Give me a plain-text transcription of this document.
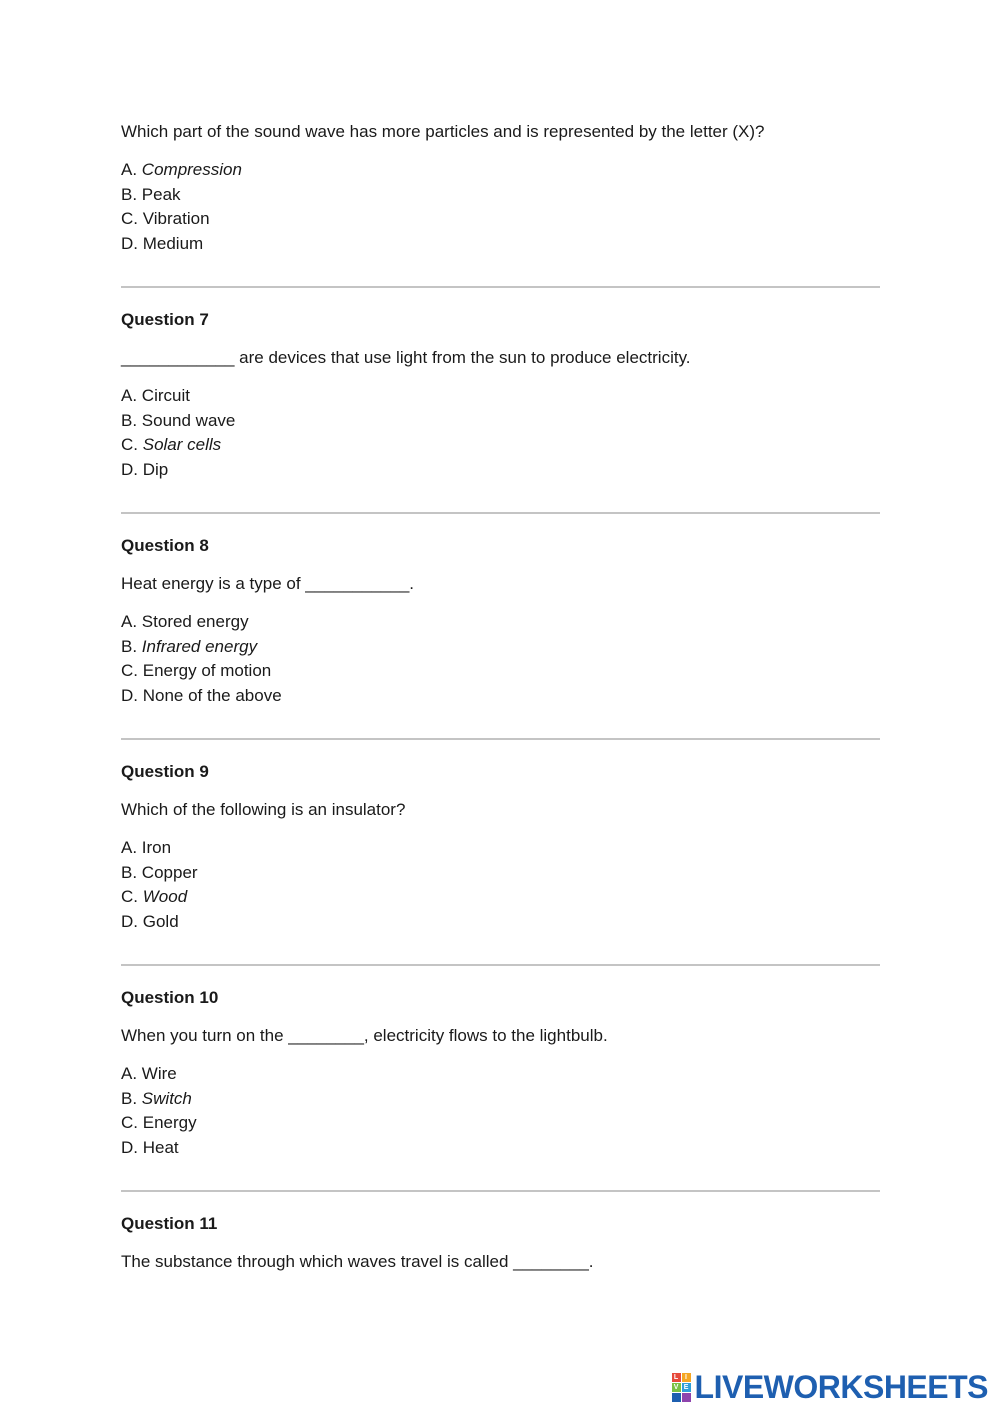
Which part of the sound wave has more particles and is represented by the letter (X)?

A. Compression
B. Peak
C. Vibration
D. Medium

Question 7

____________ are devices that use light from the sun to produce electricity.

A. Circuit
B. Sound wave
C. Solar cells
D. Dip

Question 8

Heat energy is a type of ___________.

A. Stored energy
B. Infrared energy
C. Energy of motion
D. None of the above

Question 9

Which of the following is an insulator?

A. Iron
B. Copper
C. Wood
D. Gold

Question 10

When you turn on the ________, electricity flows to the lightbulb.

A. Wire
B. Switch
C. Energy
D. Heat

Question 11

The substance through which waves travel is called ________.

L I
V E LIVEWORKSHEETS
